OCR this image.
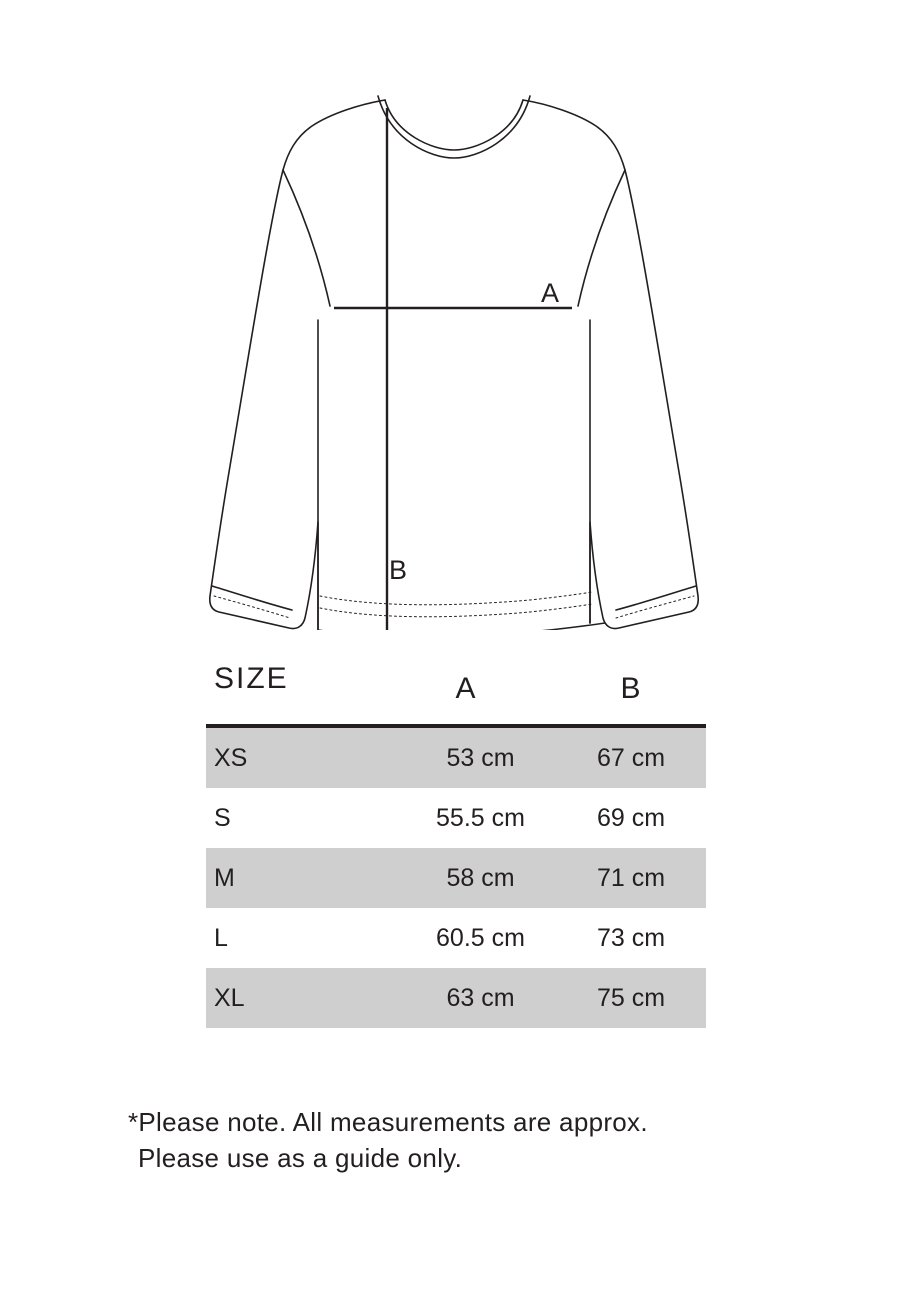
A
B
SIZE	A	B
XS	53 cm	67 cm
S	55.5 cm	69 cm
M	58 cm	71 cm
L	60.5 cm	73 cm
XL	63 cm	75 cm
*Please note. All measurements are approx.
Please use as a guide only.
